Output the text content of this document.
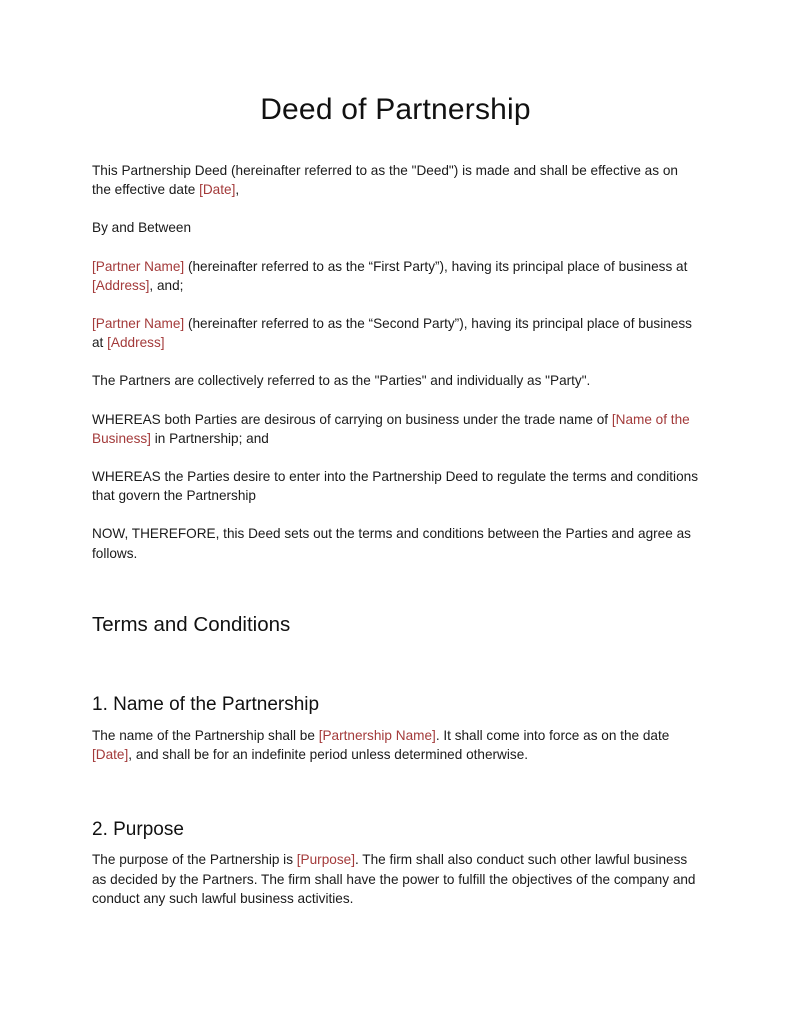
Deed of Partnership

This Partnership Deed (hereinafter referred to as the "Deed") is made and shall be effective as on the effective date [Date],

By and Between

[Partner Name] (hereinafter referred to as the “First Party”), having its principal place of business at [Address], and;

[Partner Name] (hereinafter referred to as the “Second Party”), having its principal place of business at [Address]

The Partners are collectively referred to as the "Parties" and individually as "Party".

WHEREAS both Parties are desirous of carrying on business under the trade name of [Name of the Business] in Partnership; and

WHEREAS the Parties desire to enter into the Partnership Deed to regulate the terms and conditions that govern the Partnership

NOW, THEREFORE, this Deed sets out the terms and conditions between the Parties and agree as follows.

Terms and Conditions
1. Name of the Partnership

The name of the Partnership shall be [Partnership Name]. It shall come into force as on the date [Date], and shall be for an indefinite period unless determined otherwise.

2. Purpose

The purpose of the Partnership is [Purpose]. The firm shall also conduct such other lawful business as decided by the Partners. The firm shall have the power to fulfill the objectives of the company and conduct any such lawful business activities.
